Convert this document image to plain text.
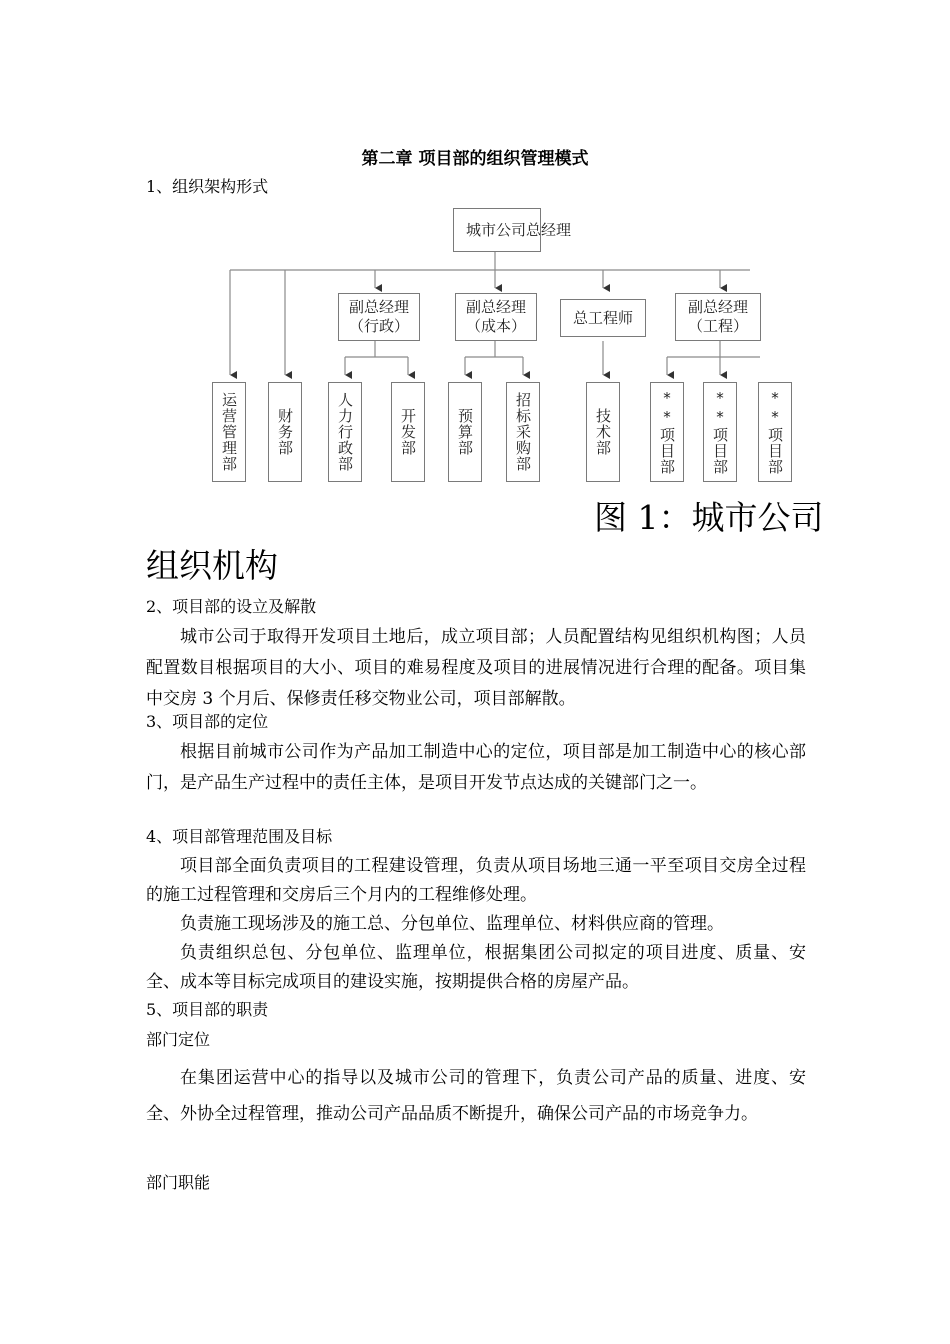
第二章 项目部的组织管理模式
1、组织架构形式
城市公司总经理
副总经理（行政）
副总经理（成本）	总工程师
副总经理（工程）
运营管理部	财务部	人力行政部	开发部	预算部	招标采购部	技术部	**项目部	**项目部	**项目部
图 1：城市公司
组织机构
2、项目部的设立及解散

城市公司于取得开发项目土地后，成立项目部；人员配置结构见组织机构图；人员配置数目根据项目的大小、项目的难易程度及项目的进展情况进行合理的配备。项目集中交房 3 个月后、保修责任移交物业公司，项目部解散。

3、项目部的定位

根据目前城市公司作为产品加工制造中心的定位，项目部是加工制造中心的核心部门，是产品生产过程中的责任主体，是项目开发节点达成的关键部门之一。

4、项目部管理范围及目标

项目部全面负责项目的工程建设管理，负责从项目场地三通一平至项目交房全过程的施工过程管理和交房后三个月内的工程维修处理。

负责施工现场涉及的施工总、分包单位、监理单位、材料供应商的管理。

负责组织总包、分包单位、监理单位，根据集团公司拟定的项目进度、质量、安全、成本等目标完成项目的建设实施，按期提供合格的房屋产品。

5、项目部的职责
部门定位

在集团运营中心的指导以及城市公司的管理下，负责公司产品的质量、进度、安全、外协全过程管理，推动公司产品品质不断提升，确保公司产品的市场竞争力。

部门职能
